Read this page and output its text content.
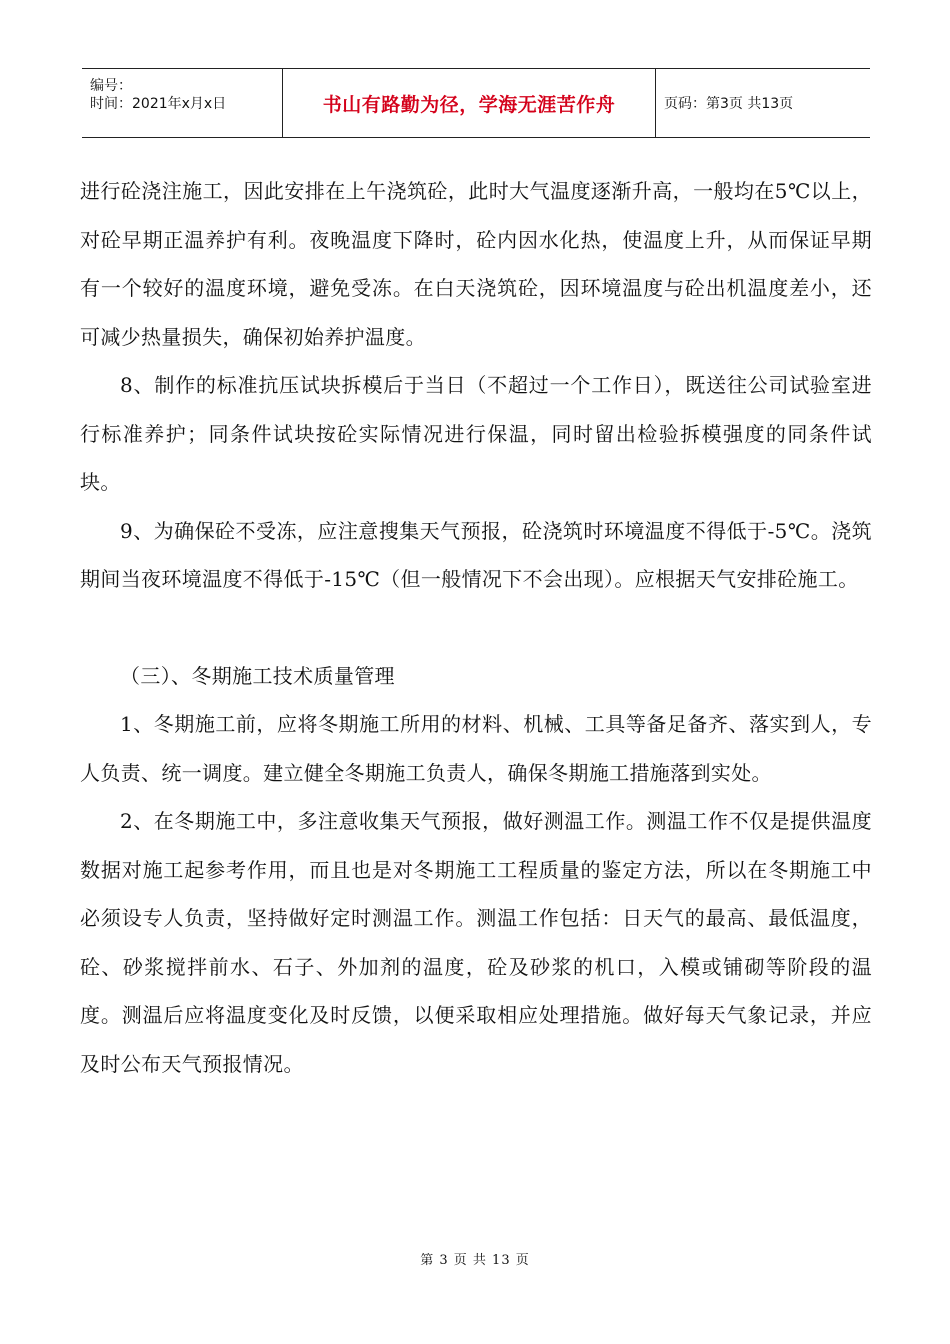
编号：
时间：2021年x月x日	书山有路勤为径，学海无涯苦作舟	页码：第3页 共13页

进行砼浇注施工，因此安排在上午浇筑砼，此时大气温度逐渐升高，一般均在5℃以上，对砼早期正温养护有利。夜晚温度下降时，砼内因水化热，使温度上升，从而保证早期有一个较好的温度环境，避免受冻。在白天浇筑砼，因环境温度与砼出机温度差小，还可减少热量损失，确保初始养护温度。

8、制作的标准抗压试块拆模后于当日（不超过一个工作日），既送往公司试验室进行标准养护；同条件试块按砼实际情况进行保温，同时留出检验拆模强度的同条件试块。

9、为确保砼不受冻，应注意搜集天气预报，砼浇筑时环境温度不得低于-5℃。浇筑期间当夜环境温度不得低于-15℃（但一般情况下不会出现）。应根据天气安排砼施工。

（三）、冬期施工技术质量管理

1、冬期施工前，应将冬期施工所用的材料、机械、工具等备足备齐、落实到人，专人负责、统一调度。建立健全冬期施工负责人，确保冬期施工措施落到实处。

2、在冬期施工中，多注意收集天气预报，做好测温工作。测温工作不仅是提供温度数据对施工起参考作用，而且也是对冬期施工工程质量的鉴定方法，所以在冬期施工中必须设专人负责，坚持做好定时测温工作。测温工作包括：日天气的最高、最低温度，砼、砂浆搅拌前水、石子、外加剂的温度，砼及砂浆的机口，入模或铺砌等阶段的温度。测温后应将温度变化及时反馈，以便采取相应处理措施。做好每天气象记录，并应及时公布天气预报情况。

第 3 页 共 13 页
